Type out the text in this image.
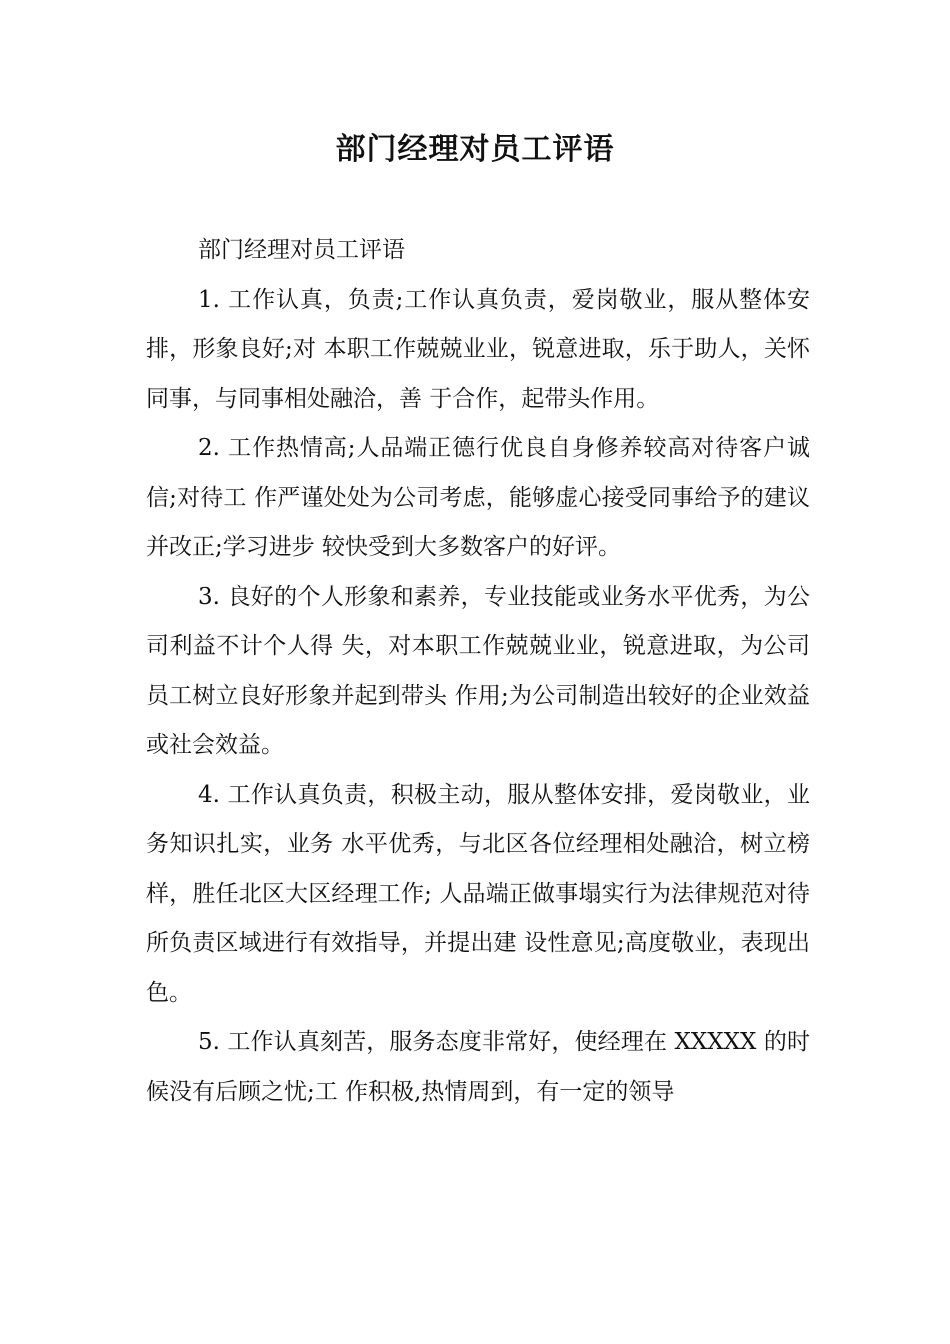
部门经理对员工评语

部门经理对员工评语

1. 工作认真，负责;工作认真负责，爱岗敬业，服从整体安排，形象良好;对 本职工作兢兢业业，锐意进取，乐于助人，关怀同事，与同事相处融洽，善 于合作，起带头作用。

2. 工作热情高;人品端正德行优良自身修养较高对待客户诚信;对待工 作严谨处处为公司考虑，能够虚心接受同事给予的建议并改正;学习进步 较快受到大多数客户的好评。

3. 良好的个人形象和素养，专业技能或业务水平优秀，为公司利益不计个人得 失，对本职工作兢兢业业，锐意进取，为公司员工树立良好形象并起到带头 作用;为公司制造出较好的企业效益或社会效益。

4. 工作认真负责，积极主动，服从整体安排，爱岗敬业，业务知识扎实，业务 水平优秀，与北区各位经理相处融洽，树立榜样，胜任北区大区经理工作; 人品端正做事塌实行为法律规范对待所负责区域进行有效指导，并提出建 设性意见;高度敬业，表现出色。

5. 工作认真刻苦，服务态度非常好，使经理在 XXXXX 的时候没有后顾之忧;工 作积极,热情周到，有一定的领导
